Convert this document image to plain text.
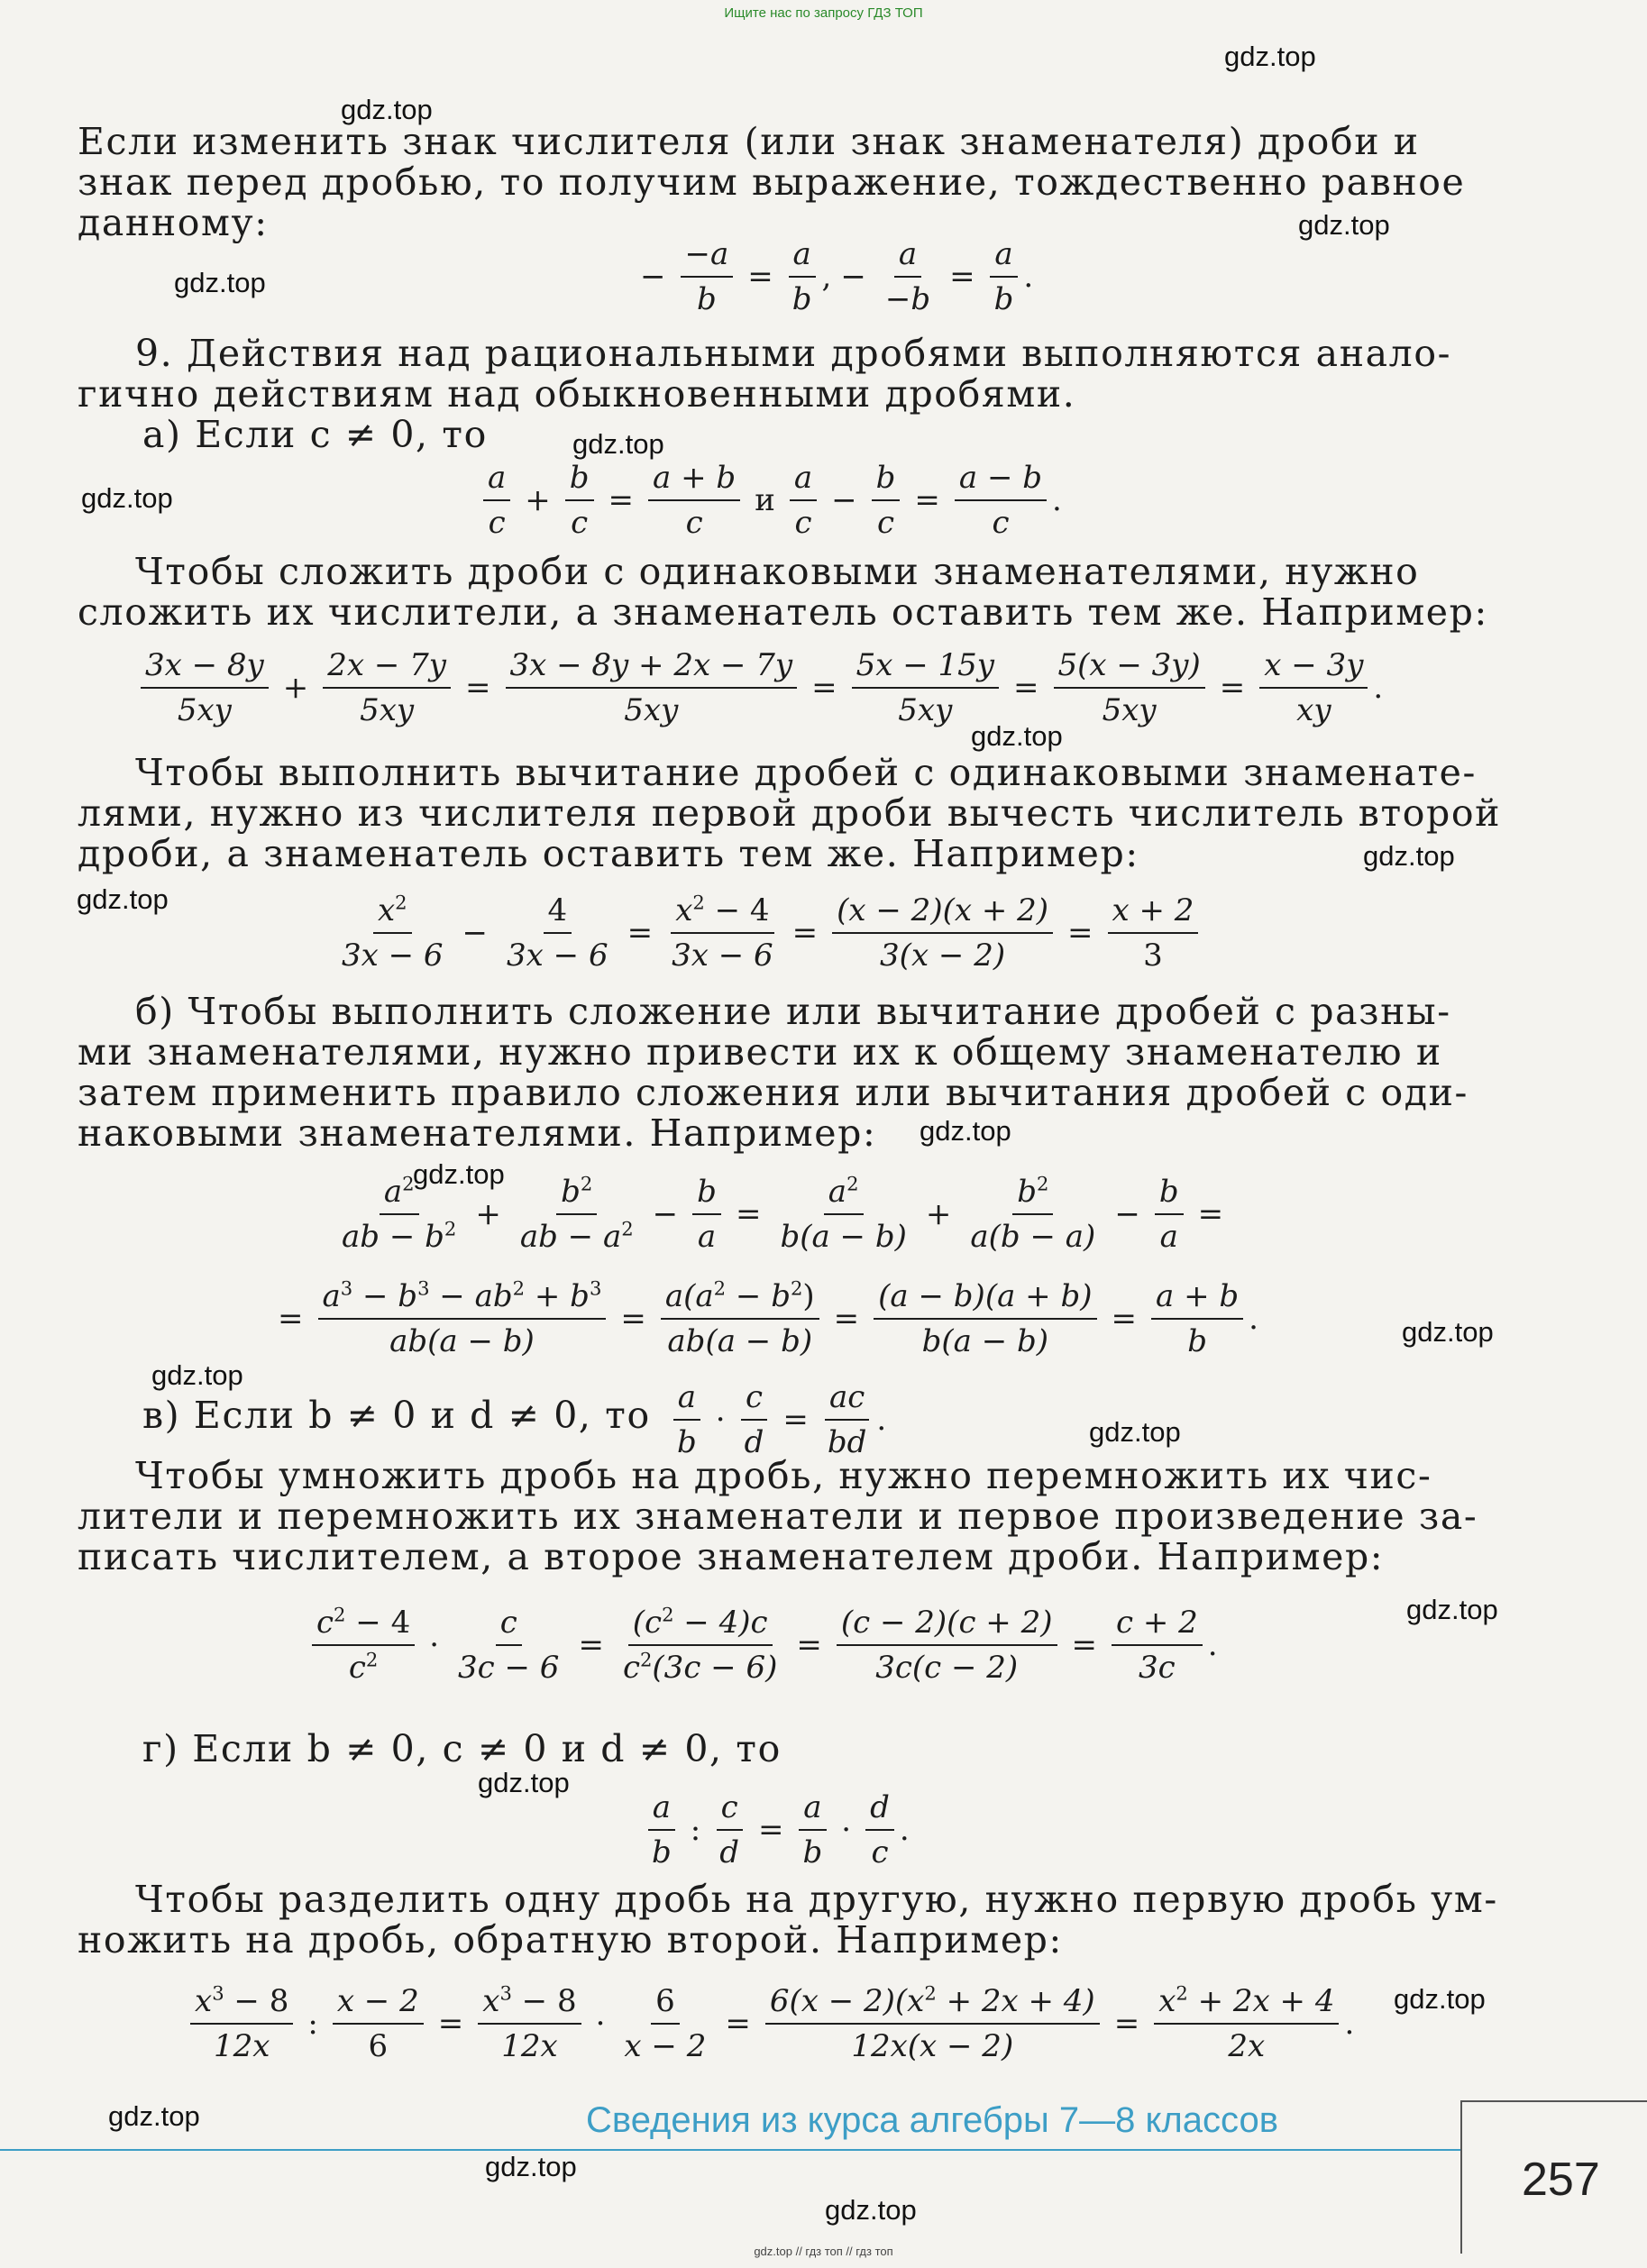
Ищите нас по запросу ГДЗ ТОП
gdz.top
gdz.top
gdz.top
gdz.top
gdz.top
gdz.top
gdz.top
gdz.top
gdz.top
gdz.top
gdz.top
gdz.top
gdz.top
gdz.top
gdz.top
gdz.top
gdz.top
gdz.top
gdz.top
gdz.top
Если изменить знак числителя (или знак знаменателя) дроби и
знак перед дробью, то получим выражение, тождественно равное
данному:
− $\frac{-a}{b} = \frac{a}{b}$ , − $\frac{a}{-b} = \frac{a}{b}$ .
9. Действия над рациональными дробями выполняются анало-
гично действиям над обыкновенными дробями.
а) Если c ≠ 0, то
$\frac{a}{c} + \frac{b}{c} = \frac{a + b}{c}$ и $\frac{a}{c} - \frac{b}{c} = \frac{a - b}{c}$ .
Чтобы сложить дроби с одинаковыми знаменателями, нужно
сложить их числители, а знаменатель оставить тем же. Например:
$\frac{3x - 8y}{5xy} + \frac{2x - 7y}{5xy} = \frac{3x - 8y + 2x - 7y}{5xy} = \frac{5x - 15y}{5xy} = \frac{5(x - 3y)}{5xy} = \frac{x - 3y}{xy}$ .
Чтобы выполнить вычитание дробей с одинаковыми знаменате-
лями, нужно из числителя первой дроби вычесть числитель второй
дроби, а знаменатель оставить тем же. Например:
$\frac{x^2}{3x - 6} - \frac{4}{3x - 6} = \frac{x^2 - 4}{3x - 6} = \frac{(x - 2)(x + 2)}{3(x - 2)} = \frac{x + 2}{3}$
б) Чтобы выполнить сложение или вычитание дробей с разны-
ми знаменателями, нужно привести их к общему знаменателю и
затем применить правило сложения или вычитания дробей с оди-
наковыми знаменателями. Например:
$\frac{a^2}{ab - b^2} + \frac{b^2}{ab - a^2} - \frac{b}{a} = \frac{a^2}{b(a - b)} + \frac{b^2}{a(b - a)} - \frac{b}{a}$ =
= $\frac{a^3 - b^3 - ab^2 + b^3}{ab(a - b)} = \frac{a(a^2 - b^2)}{ab(a - b)} = \frac{(a - b)(a + b)}{b(a - b)} = \frac{a + b}{b}$ .
в) Если b ≠ 0 и d ≠ 0, то $\frac{a}{b} \cdot \frac{c}{d} = \frac{ac}{bd}$ .
Чтобы умножить дробь на дробь, нужно перемножить их чис-
лители и перемножить их знаменатели и первое произведение за-
писать числителем, а второе знаменателем дроби. Например:
$\frac{c^2 - 4}{c^2} \cdot \frac{c}{3c - 6} = \frac{(c^2 - 4)c}{c^2(3c - 6)} = \frac{(c - 2)(c + 2)}{3c(c - 2)} = \frac{c + 2}{3c}$ .
г) Если b ≠ 0, c ≠ 0 и d ≠ 0, то
$\frac{a}{b}$ : $\frac{c}{d} = \frac{a}{b} \cdot \frac{d}{c}$ .
Чтобы разделить одну дробь на другую, нужно первую дробь ум-
ножить на дробь, обратную второй. Например:
$\frac{x^3 - 8}{12x}$ : $\frac{x - 2}{6} = \frac{x^3 - 8}{12x} \cdot \frac{6}{x - 2} = \frac{6(x - 2)(x^2 + 2x + 4)}{12x(x - 2)} = \frac{x^2 + 2x + 4}{2x}$ .
Сведения из курса алгебры 7—8 классов
257
gdz.top // гдз топ // гдз топ
